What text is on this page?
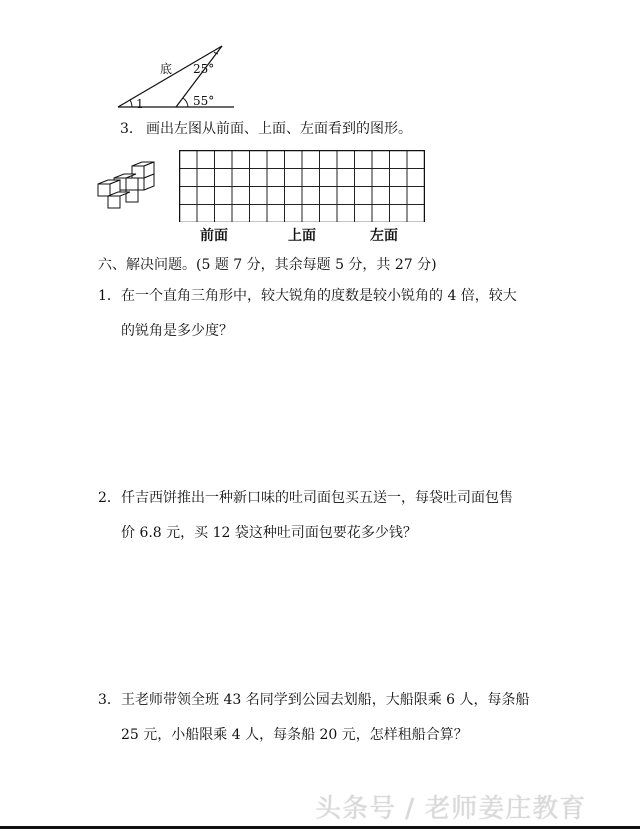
底 25°
55°
1
3． 画出左图从前面、上面、左面看到的图形。
前面	上面	左面
六、解决问题。(5 题 7 分，其余每题 5 分，共 27 分)
1． 在一个直角三角形中，较大锐角的度数是较小锐角的 4 倍，较大
的锐角是多少度？
2． 仟吉西饼推出一种新口味的吐司面包买五送一，每袋吐司面包售
价 6.8 元，买 12 袋这种吐司面包要花多少钱？
3． 王老师带领全班 43 名同学到公园去划船，大船限乘 6 人，每条船
25 元，小船限乘 4 人，每条船 20 元，怎样租船合算？
头条号 / 老师姜庄教育
